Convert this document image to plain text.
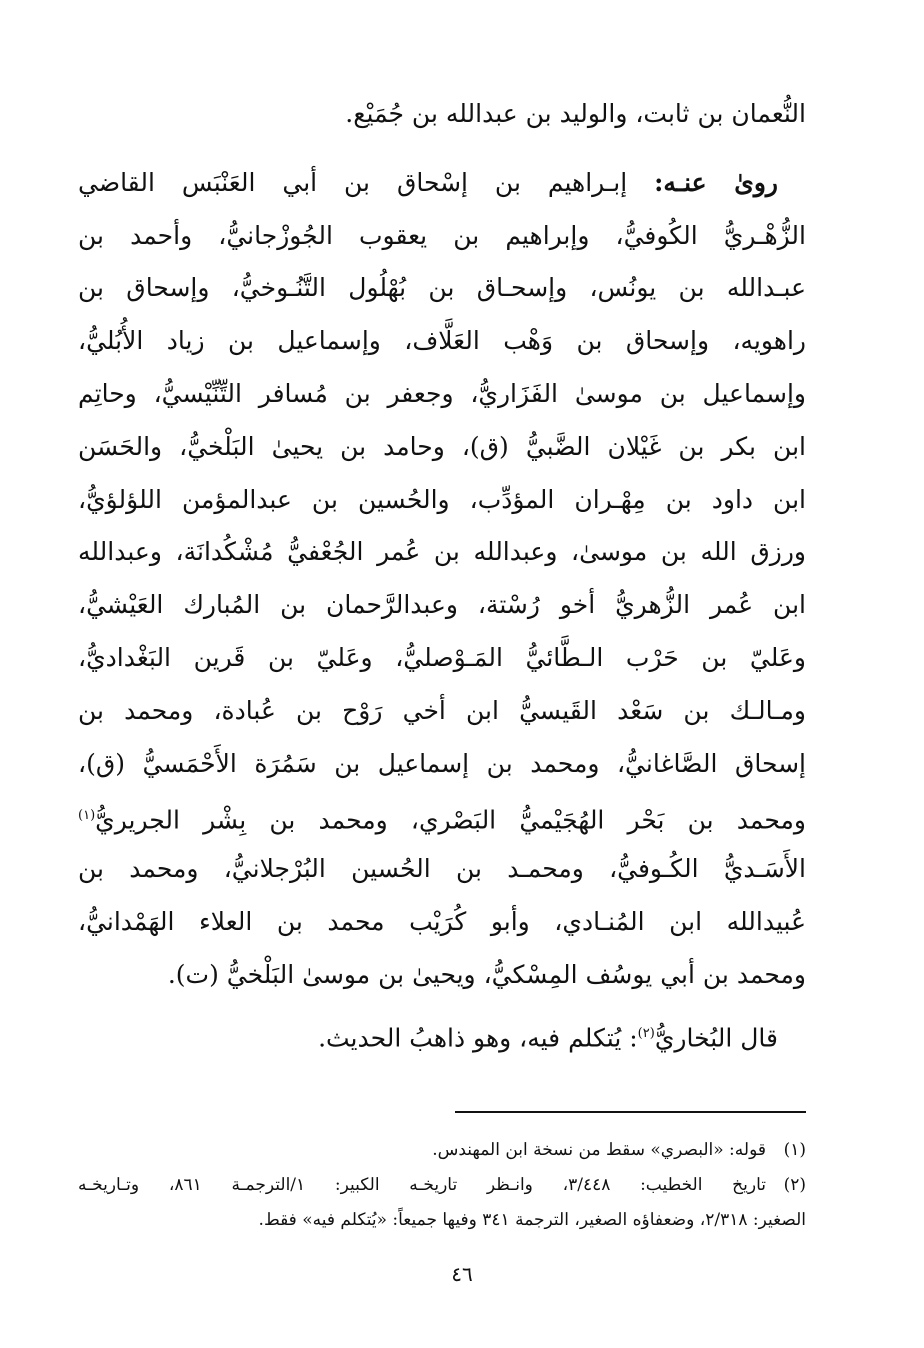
النُّعمان بن ثابت، والوليد بن عبدالله بن جُمَيْع.
روىٰ عنـه: إبـراهيم بن إسْحاق بن أبي العَنْبَس القاضي
الزُّهْـريُّ الكُوفيُّ، وإبراهيم بن يعقوب الجُوزْجانيُّ، وأحمد بن
عبـدالله بن يونُس، وإسحـاق بن بُهْلُول التَّنُـوخيُّ، وإسحاق بن
راهويه، وإسحاق بن وَهْب العَلَّاف، وإسماعيل بن زياد الأُبُليُّ،
وإسماعيل بن موسىٰ الفَزَاريُّ، وجعفر بن مُسافر التِّنِّيْسيُّ، وحاتِم
ابن بكر بن غَيْلان الضَّبيُّ (ق)، وحامد بن يحيىٰ البَلْخيُّ، والحَسَن
ابن داود بن مِهْـران المؤدِّب، والحُسين بن عبدالمؤمن اللؤلؤيُّ،
ورزق الله بن موسىٰ، وعبدالله بن عُمر الجُعْفيُّ مُشْكُدانَة، وعبدالله
ابن عُمر الزُّهريُّ أخو رُسْتة، وعبدالرَّحمان بن المُبارك العَيْشيُّ،
وعَليّ بن حَرْب الـطَّائيُّ المَـوْصليُّ، وعَليّ بن قَرين البَغْداديُّ،
ومـالـك بن سَعْد القَيسيُّ ابن أخي رَوْح بن عُبادة، ومحمد بن
إسحاق الصَّاغانيُّ، ومحمد بن إسماعيل بن سَمُرَة الأَحْمَسيُّ (ق)،
ومحمد بن بَحْر الهُجَيْميُّ البَصْري، ومحمد بن بِشْر الجريريُّ$^{(١)}$
الأَسَـديُّ الكُـوفيُّ، ومحمـد بن الحُسين البُرْجلانيُّ، ومحمد بن
عُبيدالله ابن المُنـادي، وأبو كُرَيْب محمد بن العلاء الهَمْدانيُّ،
ومحمد بن أبي يوسُف المِسْكيُّ، ويحيىٰ بن موسىٰ البَلْخيُّ (ت).
قال البُخاريُّ$^{(٢)}$: يُتكلم فيه، وهو ذاهبُ الحديث.
(١)قوله: «البصري» سقط من نسخة ابن المهندس.
(٢)تاريخ الخطيب: ٣/٤٤٨، وانـظر تاريخـه الكبير: ١/الترجمـة ٨٦١، وتـاريخـه
الصغير: ٢/٣١٨، وضعفاؤه الصغير، الترجمة ٣٤١ وفيها جميعاً: «يُتكلم فيه» فقط.
٤٦
